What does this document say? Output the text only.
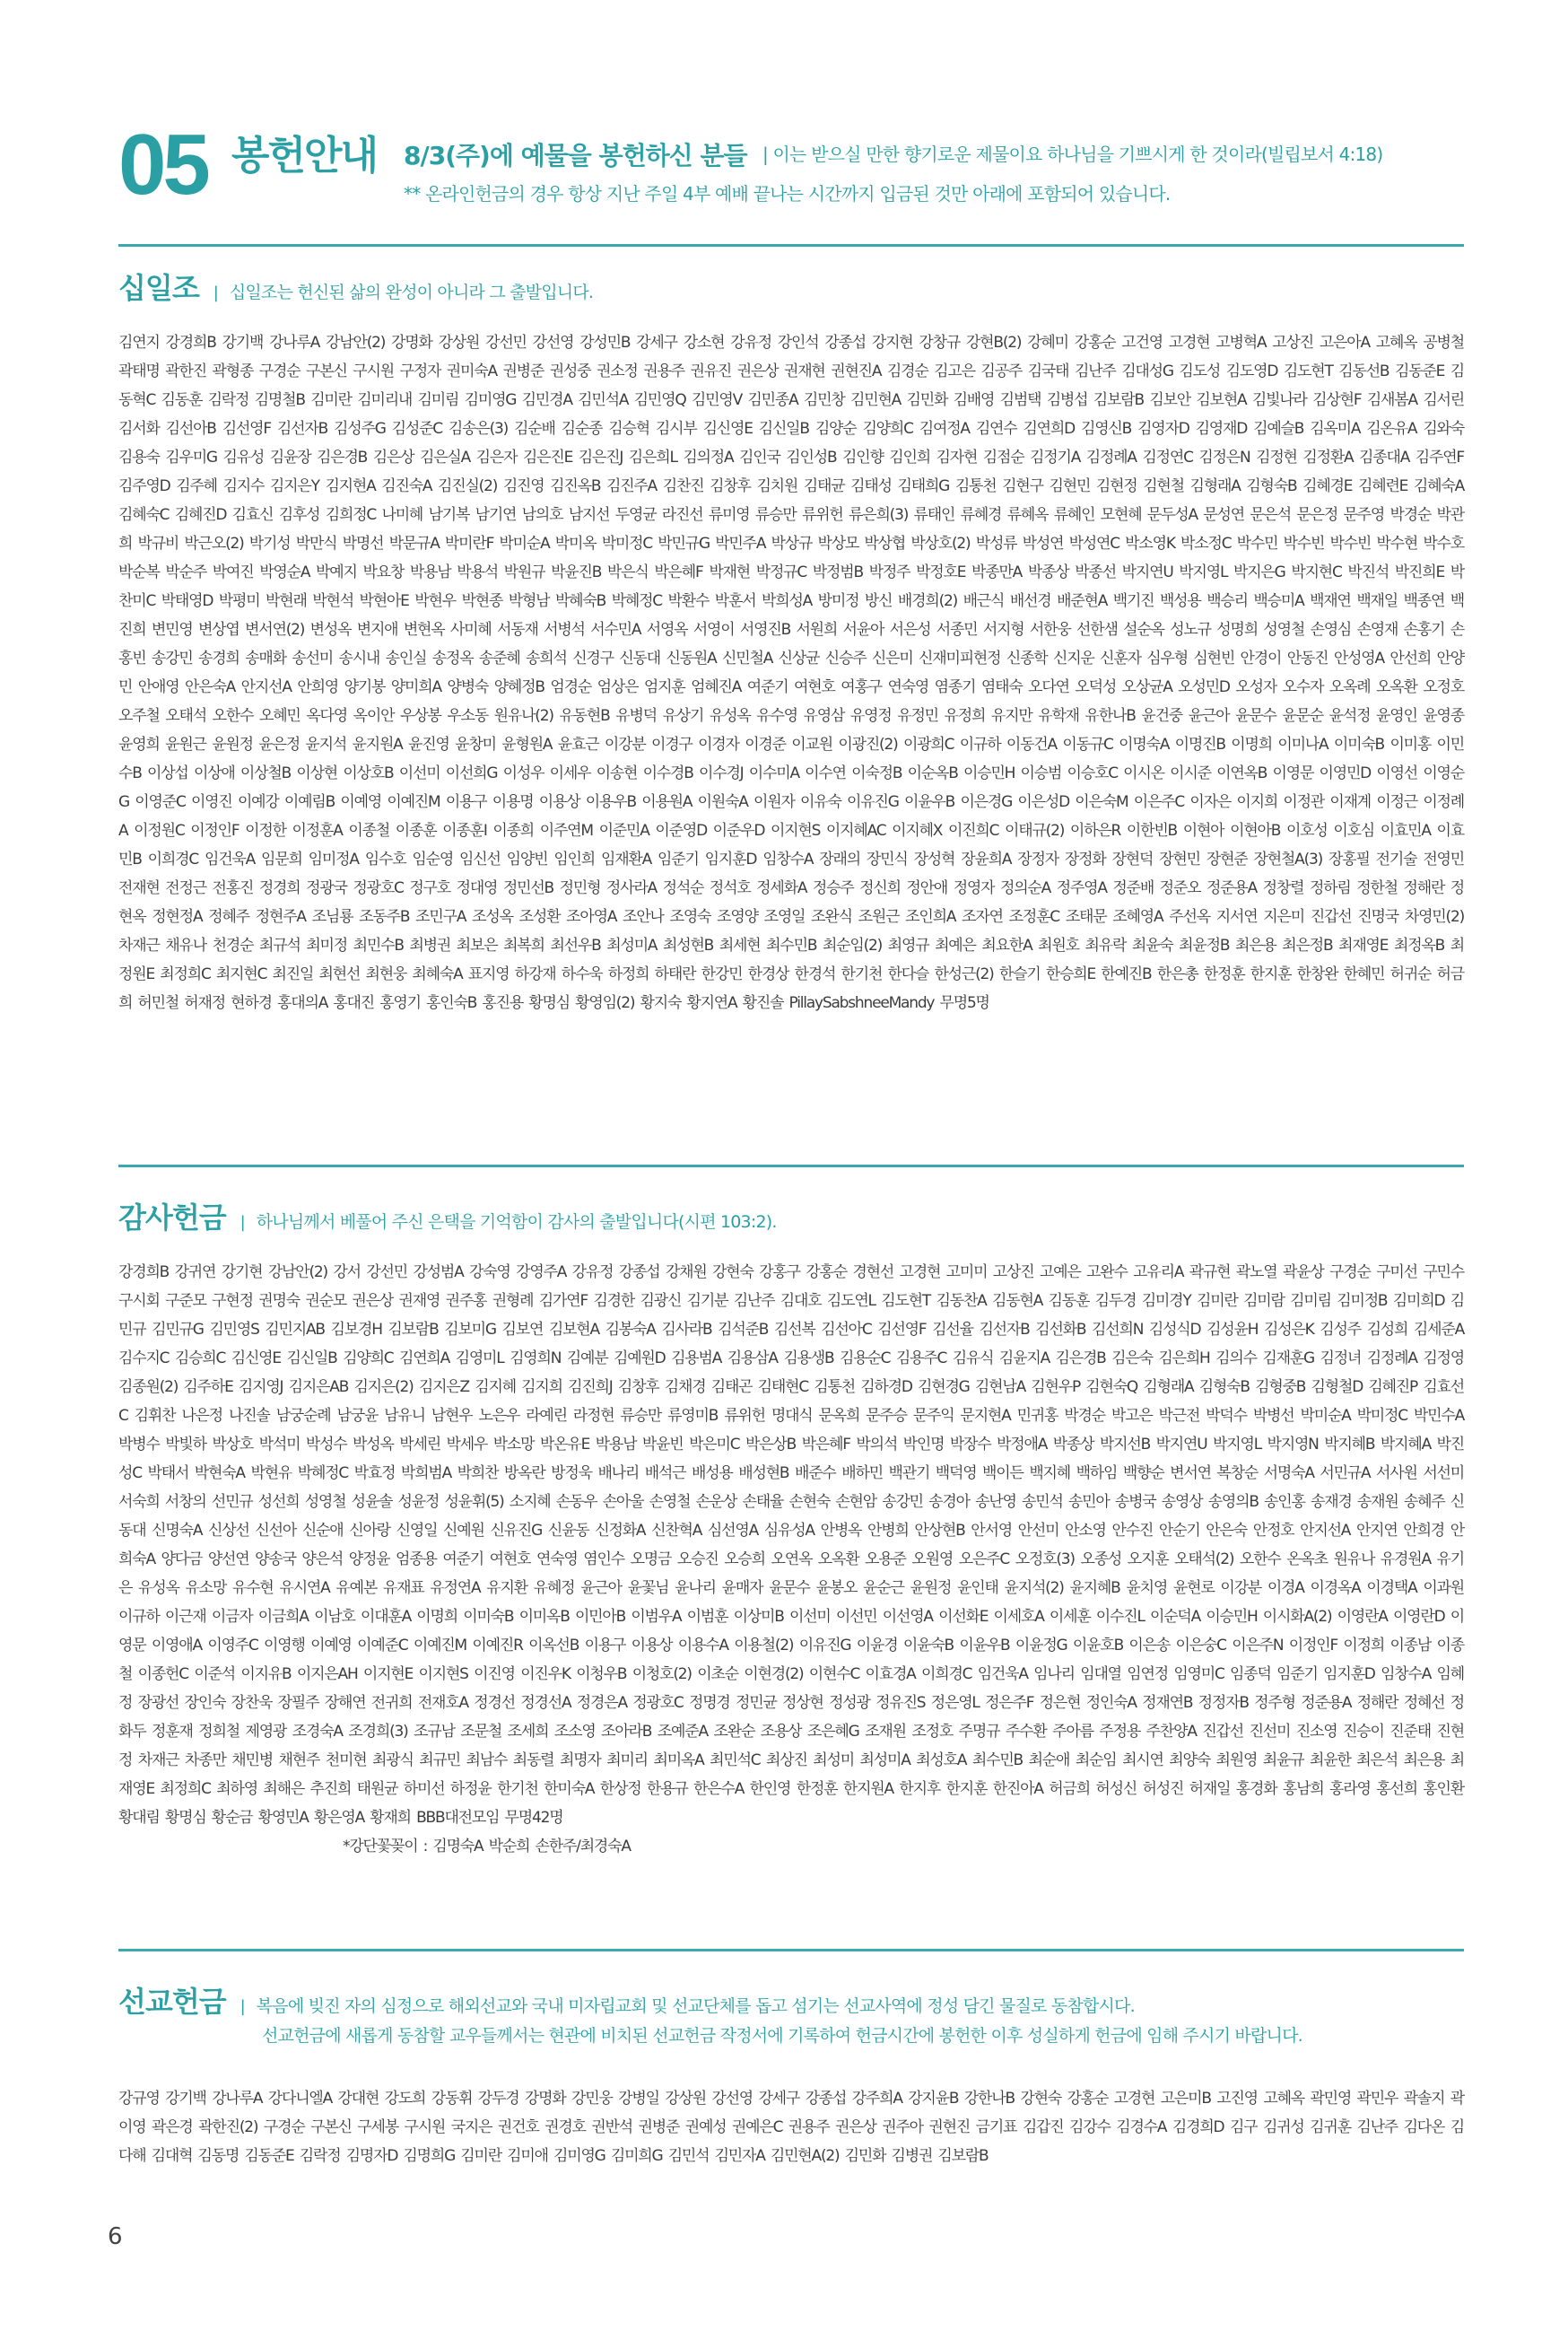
05 봉헌안내 8/3(주)에 예물을 봉헌하신 분들 | 이는 받으실 만한 향기로운 제물이요 하나님을 기쁘시게 한 것이라(빌립보서 4:18)
** 온라인헌금의 경우 항상 지난 주일 4부 예배 끝나는 시간까지 입금된 것만 아래에 포함되어 있습니다.
십일조 | 십일조는 헌신된 삶의 완성이 아니라 그 출발입니다.

김연지 강경희B 강기백 강나루A 강남안(2) 강명화 강상원 강선민 강선영 강성민B 강세구 강소현 강유정 강인석 강종섭 강지현 강창규 강현B(2) 강혜미 강홍순 고건영 고경현 고병혁A 고상진 고은아A 고혜옥 공병철 곽태명 곽한진 곽형종 구경순 구본신 구시원 구정자 권미숙A 권병준 권성중 권소정 권용주 권유진 권은상 권재현 권현진A 김경순 김고은 김공주 김국태 김난주 김대성G 김도성 김도영D 김도현T 김동선B 김동준E 김동혁C 김동훈 김락정 김명철B 김미란 김미리내 김미림 김미영G 김민경A 김민석A 김민영Q 김민영V 김민종A 김민창 김민현A 김민화 김배영 김범택 김병섭 김보람B 김보안 김보현A 김빛나라 김상현F 김새봄A 김서린 김서화 김선아B 김선영F 김선자B 김성주G 김성준C 김송은(3) 김순배 김순종 김승혁 김시부 김신영E 김신일B 김양순 김양희C 김여정A 김연수 김연희D 김영신B 김영자D 김영재D 김예슬B 김옥미A 김온유A 김와숙 김용숙 김우미G 김유성 김윤장 김은경B 김은상 김은실A 김은자 김은진E 김은진J 김은희L 김의정A 김인국 김인성B 김인향 김인희 김자현 김점순 김정기A 김정례A 김정연C 김정은N 김정현 김정환A 김종대A 김주연F 김주영D 김주혜 김지수 김지은Y 김지현A 김진숙A 김진실(2) 김진영 김진옥B 김진주A 김찬진 김창후 김치원 김태균 김태성 김태희G 김통천 김현구 김현민 김현정 김현철 김형래A 김형숙B 김혜경E 김혜련E 김혜숙A 김혜숙C 김혜진D 김효신 김후성 김희정C 나미혜 남기복 남기연 남의호 남지선 두영균 라진선 류미영 류승만 류위헌 류은희(3) 류태인 류혜경 류혜옥 류혜인 모현혜 문두성A 문성연 문은석 문은정 문주영 박경순 박관희 박규비 박근오(2) 박기성 박만식 박명선 박문규A 박미란F 박미순A 박미옥 박미정C 박민규G 박민주A 박상규 박상모 박상협 박상호(2) 박성류 박성연 박성연C 박소영K 박소정C 박수민 박수빈 박수빈 박수현 박수호 박순복 박순주 박여진 박영순A 박예지 박요창 박용남 박용석 박원규 박윤진B 박은식 박은혜F 박재현 박정규C 박정범B 박정주 박정호E 박종만A 박종상 박종선 박지연U 박지영L 박지은G 박지현C 박진석 박진희E 박찬미C 박태영D 박평미 박현래 박현석 박현아E 박현우 박현종 박형남 박혜숙B 박혜정C 박환수 박훈서 박희성A 방미정 방신 배경희(2) 배근식 배선경 배준현A 백기진 백성용 백승리 백승미A 백재연 백재일 백종연 백진희 변민영 변상엽 변서연(2) 변성옥 변지애 변현옥 사미혜 서동재 서병석 서수민A 서영옥 서영이 서영진B 서원희 서윤아 서은성 서종민 서지형 서한웅 선한샘 설순옥 성노규 성명희 성영철 손영심 손영재 손홍기 손홍빈 송강민 송경희 송매화 송선미 송시내 송인실 송정옥 송준혜 송희석 신경구 신동대 신동원A 신민철A 신상균 신승주 신은미 신재미피현정 신종학 신지운 신훈자 심우형 심현빈 안경이 안동진 안성영A 안선희 안양민 안애영 안은숙A 안지선A 안희영 양기봉 양미희A 양병숙 양혜정B 엄경순 엄상은 엄지훈 엄혜진A 여준기 여현호 여홍구 연숙영 염종기 염태숙 오다연 오덕성 오상균A 오성민D 오성자 오수자 오옥례 오옥환 오정호 오주철 오태석 오한수 오혜민 옥다영 옥이안 우상봉 우소동 원유나(2) 유동현B 유병덕 유상기 유성옥 유수영 유영삼 유영정 유정민 유정희 유지만 유학재 유한나B 윤건중 윤근아 윤문수 윤문순 윤석정 윤영인 윤영종 윤영희 윤원근 윤원정 윤은정 윤지석 윤지원A 윤진영 윤창미 윤형원A 윤효근 이강분 이경구 이경자 이경준 이교원 이광진(2) 이광희C 이규하 이동건A 이동규C 이명숙A 이명진B 이명희 이미나A 이미숙B 이미홍 이민수B 이상섭 이상애 이상철B 이상현 이상호B 이선미 이선희G 이성우 이세우 이송현 이수경B 이수경J 이수미A 이수연 이숙정B 이순옥B 이승민H 이승범 이승호C 이시온 이시준 이연옥B 이영문 이영민D 이영선 이영순G 이영준C 이영진 이예강 이예림B 이예영 이예진M 이용구 이용명 이용상 이용우B 이용원A 이원숙A 이원자 이유숙 이유진G 이윤우B 이은경G 이은성D 이은숙M 이은주C 이자은 이지희 이정관 이재계 이정근 이정례A 이정원C 이정인F 이정한 이정훈A 이종철 이종훈 이종훈I 이종희 이주연M 이준민A 이준영D 이준우D 이지현S 이지혜AC 이지혜X 이진희C 이태규(2) 이하은R 이한빈B 이현아 이현아B 이호성 이호심 이효민A 이효민B 이희경C 임건욱A 임문희 임미정A 임수호 임순영 임신선 임양빈 임인희 임재환A 임준기 임지훈D 임창수A 장래의 장민식 장성혁 장윤희A 장정자 장정화 장현덕 장현민 장현준 장현철A(3) 장홍필 전기술 전영민 전재현 전정근 전홍진 정경희 정광국 정광호C 정구호 정대영 정민선B 정민형 정사라A 정석순 정석호 정세화A 정승주 정신희 정안애 정영자 정의순A 정주영A 정준배 정준오 정준용A 정창렬 정하림 정한철 정해란 정현옥 정현정A 정혜주 정현주A 조님룡 조동주B 조민구A 조성옥 조성환 조아영A 조안나 조영숙 조영양 조영일 조완식 조원근 조인희A 조자연 조정훈C 조태문 조혜영A 주선옥 지서연 지은미 진갑선 진명국 차영민(2) 차재근 채유나 천경순 최규석 최미정 최민수B 최병권 최보은 최복희 최선우B 최성미A 최성현B 최세현 최수민B 최순임(2) 최영규 최예은 최요한A 최원호 최유락 최윤숙 최윤정B 최은용 최은정B 최재영E 최정옥B 최정원E 최정희C 최지현C 최진일 최현선 최현웅 최혜숙A 표지영 하강재 하수욱 하정희 하태란 한강민 한경상 한경석 한기천 한다슬 한성근(2) 한슬기 한승희E 한예진B 한은총 한정훈 한지훈 한창완 한혜민 허귀순 허금희 허민철 허재정 현하경 홍대의A 홍대진 홍영기 홍인숙B 홍진용 황명심 황영임(2) 황지숙 황지연A 황진솔 PillaySabshneeMandy 무명5명

감사헌금 | 하나님께서 베풀어 주신 은택을 기억함이 감사의 출발입니다(시편 103:2).

강경희B 강귀연 강기현 강남안(2) 강서 강선민 강성범A 강숙영 강영주A 강유정 강종섭 강채원 강현숙 강홍구 강홍순 경현선 고경현 고미미 고상진 고예은 고완수 고유리A 곽규현 곽노열 곽윤상 구경순 구미선 구민수 구시회 구준모 구현정 권명숙 권순모 권은상 권재영 권주홍 권형례 김가연F 김경한 김광신 김기분 김난주 김대호 김도연L 김도현T 김동찬A 김동현A 김동훈 김두경 김미경Y 김미란 김미람 김미림 김미정B 김미희D 김민규 김민규G 김민영S 김민지AB 김보경H 김보람B 김보미G 김보연 김보현A 김봉숙A 김사라B 김석준B 김선복 김선아C 김선영F 김선율 김선자B 김선화B 김선희N 김성식D 김성윤H 김성은K 김성주 김성희 김세준A 김수지C 김승희C 김신영E 김신일B 김양희C 김연희A 김영미L 김영희N 김예분 김예원D 김용범A 김용삼A 김용생B 김용순C 김용주C 김유식 김윤지A 김은경B 김은숙 김은희H 김의수 김재훈G 김정녀 김정례A 김정영 김종원(2) 김주하E 김지영J 김지은AB 김지은(2) 김지은Z 김지혜 김지희 김진희J 김창후 김채경 김태곤 김태현C 김통천 김하경D 김현경G 김현남A 김현우P 김현숙Q 김형래A 김형숙B 김형중B 김형철D 김혜진P 김효선C 김휘찬 나은정 나진솔 남궁순례 남궁윤 남유니 남현우 노은우 라예린 라정현 류승만 류영미B 류위헌 명대식 문옥희 문주승 문주익 문지현A 민귀홍 박경순 박고은 박근전 박덕수 박병선 박미순A 박미정C 박민수A 박병수 박빛하 박상호 박석미 박성수 박성옥 박세린 박세우 박소망 박온유E 박용남 박윤빈 박은미C 박은상B 박은혜F 박의석 박인명 박장수 박정애A 박종상 박지선B 박지연U 박지영L 박지영N 박지혜B 박지혜A 박진성C 박태서 박현숙A 박현유 박혜정C 박효정 박희범A 박희찬 방옥란 방정욱 배나리 배석근 배성용 배성현B 배준수 배하민 백관기 백덕영 백이든 백지혜 백하임 백향순 변서연 복창순 서명숙A 서민규A 서사원 서선미 서숙희 서창의 선민규 성선희 성영철 성윤솔 성윤정 성윤휘(5) 소지혜 손동우 손아울 손영철 손운상 손태율 손현숙 손현암 송강민 송경아 송난영 송민석 송민아 송병국 송영상 송영의B 송인홍 송재경 송재원 송혜주 신동대 신명숙A 신상선 신선아 신순애 신아랑 신영일 신예원 신유진G 신윤동 신정화A 신찬혁A 심선영A 심유성A 안병옥 안병희 안상현B 안서영 안선미 안소영 안수진 안순기 안은숙 안정호 안지선A 안지연 안희경 안희숙A 양다금 양선연 양송국 양은석 양정윤 엄종용 여준기 여현호 연숙영 염인수 오명금 오승진 오승희 오연옥 오옥환 오용준 오원영 오은주C 오정호(3) 오종성 오지훈 오태석(2) 오한수 온옥초 원유나 유경원A 유기은 유성옥 유소망 유수현 유시연A 유예본 유재표 유정연A 유지환 유혜정 윤근아 윤꽃님 윤나리 윤매자 윤문수 윤봉오 윤순근 윤원정 윤인태 윤지석(2) 윤지혜B 윤치영 윤현로 이강분 이경A 이경옥A 이경택A 이과원 이규하 이근재 이금자 이금희A 이남호 이대훈A 이명희 이미숙B 이미옥B 이민아B 이범우A 이범훈 이상미B 이선미 이선민 이선영A 이선화E 이세호A 이세훈 이수진L 이순덕A 이승민H 이시화A(2) 이영란A 이영란D 이영문 이영애A 이영주C 이영행 이예영 이예준C 이예진M 이예진R 이옥선B 이용구 이용상 이용수A 이용철(2) 이유진G 이윤경 이윤숙B 이윤우B 이윤정G 이윤호B 이은송 이은숭C 이은주N 이정인F 이정희 이종남 이종철 이종헌C 이준석 이지유B 이지은AH 이지현E 이지현S 이진영 이진우K 이청우B 이청호(2) 이초순 이현경(2) 이현수C 이효경A 이희경C 임건욱A 임나리 임대열 임연정 임영미C 임종덕 임준기 임지훈D 임창수A 임혜정 장광선 장인숙 장찬욱 장필주 장해연 전귀희 전재호A 정경선 정경선A 정경은A 정광호C 정명경 정민균 정상현 정성광 정유진S 정은영L 정은주F 정은현 정인숙A 정재연B 정정자B 정주형 정준용A 정해란 정혜선 정화두 정훈재 정희철 제영광 조경숙A 조경희(3) 조규남 조문철 조세희 조소영 조아라B 조예준A 조완순 조용상 조은혜G 조재원 조정호 주명규 주수환 주아름 주정용 주찬양A 진갑선 진선미 진소영 진승이 진준태 진현정 차재근 차종만 채민병 채현주 천미현 최광식 최규민 최남수 최동렬 최명자 최미리 최미옥A 최민석C 최상진 최성미 최성미A 최성호A 최수민B 최순애 최순임 최시연 최양숙 최원영 최윤규 최윤한 최은석 최은용 최재영E 최정희C 최하영 최해은 추진희 태원균 하미선 하정윤 한기천 한미숙A 한상정 한용규 한은수A 한인영 한정훈 한지원A 한지후 한지훈 한진아A 허금희 허성신 허성진 허재일 홍경화 홍남희 홍라영 홍선희 홍인환 황대림 황명심 황순금 황영민A 황은영A 황재희 BBB대전모임 무명42명

*강단꽃꽂이 : 김명숙A 박순희 손한주/최경숙A
선교헌금 | 복음에 빚진 자의 심정으로 해외선교와 국내 미자립교회 및 선교단체를 돕고 섬기는 선교사역에 정성 담긴 물질로 동참합시다.
선교헌금에 새롭게 동참할 교우들께서는 현관에 비치된 선교헌금 작정서에 기록하여 헌금시간에 봉헌한 이후 성실하게 헌금에 임해 주시기 바랍니다.

강규영 강기백 강나루A 강다니엘A 강대현 강도희 강동휘 강두경 강명화 강민웅 강병일 강상원 강선영 강세구 강종섭 강주희A 강지윤B 강한나B 강현숙 강홍순 고경현 고은미B 고진영 고혜옥 곽민영 곽민우 곽솔지 곽이영 곽은경 곽한진(2) 구경순 구본신 구세봉 구시원 국지은 권건호 권경호 권반석 권병준 권예성 권예은C 권용주 권은상 권주아 권현진 금기표 김갑진 김강수 김경수A 김경희D 김구 김귀성 김귀훈 김난주 김다온 김다해 김대혁 김동명 김동준E 김락정 김명자D 김명희G 김미란 김미애 김미영G 김미희G 김민석 김민자A 김민현A(2) 김민화 김병권 김보람B

6
